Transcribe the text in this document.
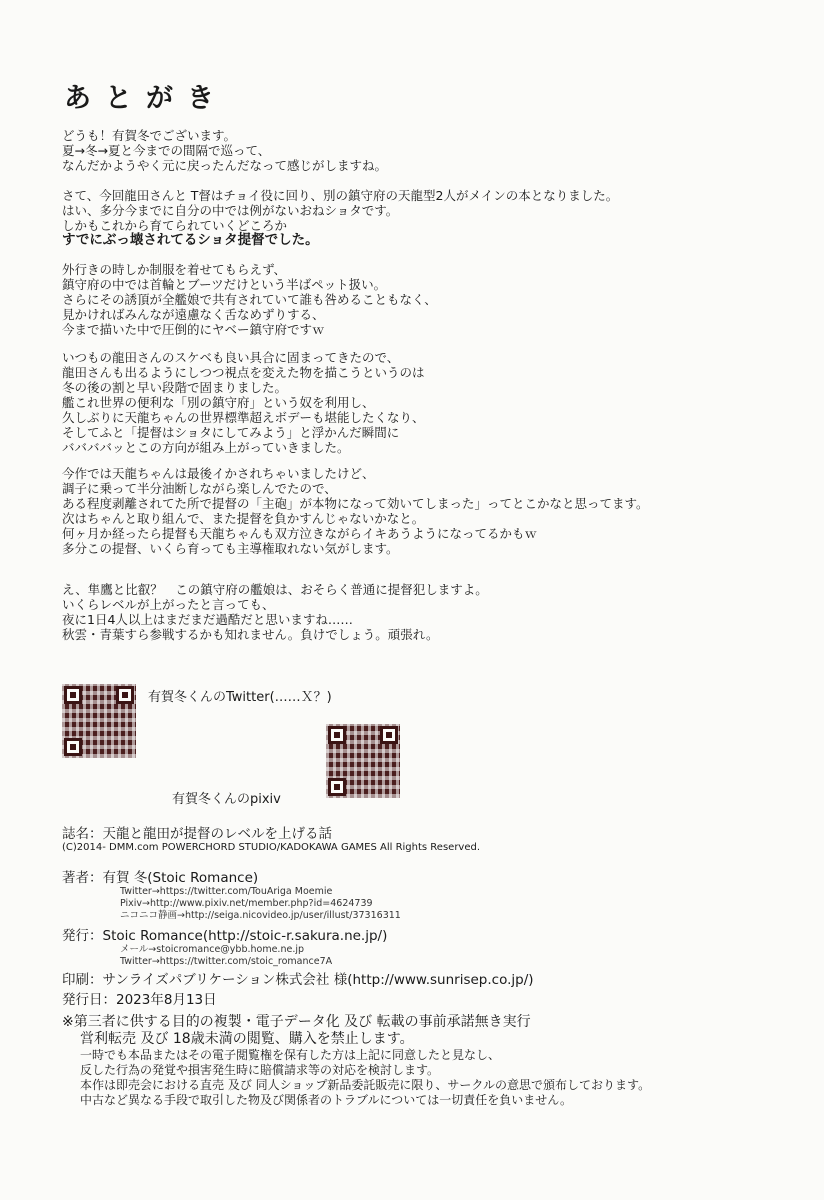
あとがき
どうも！有賀冬でございます。
夏→冬→夏と今までの間隔で巡って、
なんだかようやく元に戻ったんだなって感じがしますね。
さて、今回龍田さんと T督はチョイ役に回り、別の鎮守府の天龍型2人がメインの本となりました。
はい、多分今までに自分の中では例がないおねショタです。
しかもこれから育てられていくどころか
すでにぶっ壊されてるショタ提督でした。
外行きの時しか制服を着せてもらえず、
鎮守府の中では首輪とブーツだけという半ばペット扱い。
さらにその誘頂が全艦娘で共有されていて誰も咎めることもなく、
見かければみんなが遠慮なく舌なめずりする、
今まで描いた中で圧倒的にヤベー鎮守府ですｗ
いつもの龍田さんのスケベも良い具合に固まってきたので、
龍田さんも出るようにしつつ視点を変えた物を描こうというのは
冬の後の割と早い段階で固まりました。
艦これ世界の便利な「別の鎮守府」という奴を利用し、
久しぶりに天龍ちゃんの世界標準超えボデーも堪能したくなり、
そしてふと「提督はショタにしてみよう」と浮かんだ瞬間に
ババババッとこの方向が組み上がっていきました。
今作では天龍ちゃんは最後イかされちゃいましたけど、
調子に乗って半分油断しながら楽しんでたので、
ある程度剥離されてた所で提督の「主砲」が本物になって効いてしまった」ってとこかなと思ってます。
次はちゃんと取り組んで、また提督を負かすんじゃないかなと。
何ヶ月か経ったら提督も天龍ちゃんも双方泣きながらイキあうようになってるかもｗ
多分この提督、いくら育っても主導権取れない気がします。
え、隼鷹と比叡？　この鎮守府の艦娘は、おそらく普通に提督犯しますよ。
いくらレベルが上がったと言っても、
夜に1日4人以上はまだまだ過酷だと思いますね……
秋雲・青葉すら参戦するかも知れません。負けでしょう。頑張れ。
有賀冬くんのTwitter(……Ｘ？)
有賀冬くんのpixiv
誌名：天龍と龍田が提督のレベルを上げる話
(C)2014- DMM.com POWERCHORD STUDIO/KADOKAWA GAMES All Rights Reserved.
著者：有賀 冬(Stoic Romance)
Twitter→https://twitter.com/TouAriga Moemie
Pixiv→http://www.pixiv.net/member.php?id=4624739
ニコニコ静画→http://seiga.nicovideo.jp/user/illust/37316311
発行：Stoic Romance(http://stoic-r.sakura.ne.jp/)
メール→stoicromance@ybb.home.ne.jp
Twitter→https://twitter.com/stoic_romance7A
印刷：サンライズパブリケーション株式会社 様(http://www.sunrisep.co.jp/)
発行日：2023年8月13日
※第三者に供する目的の複製・電子データ化 及び 転載の事前承諾無き実行
営利転売 及び 18歳未満の閲覧、購入を禁止します。
一時でも本品またはその電子閲覧権を保有した方は上記に同意したと見なし、
反した行為の発覚や損害発生時に賠償請求等の対応を検討します。
本作は即売会における直売 及び 同人ショップ新品委託販売に限り、サークルの意思で頒布しております。
中古など異なる手段で取引した物及び関係者のトラブルについては一切責任を負いません。
